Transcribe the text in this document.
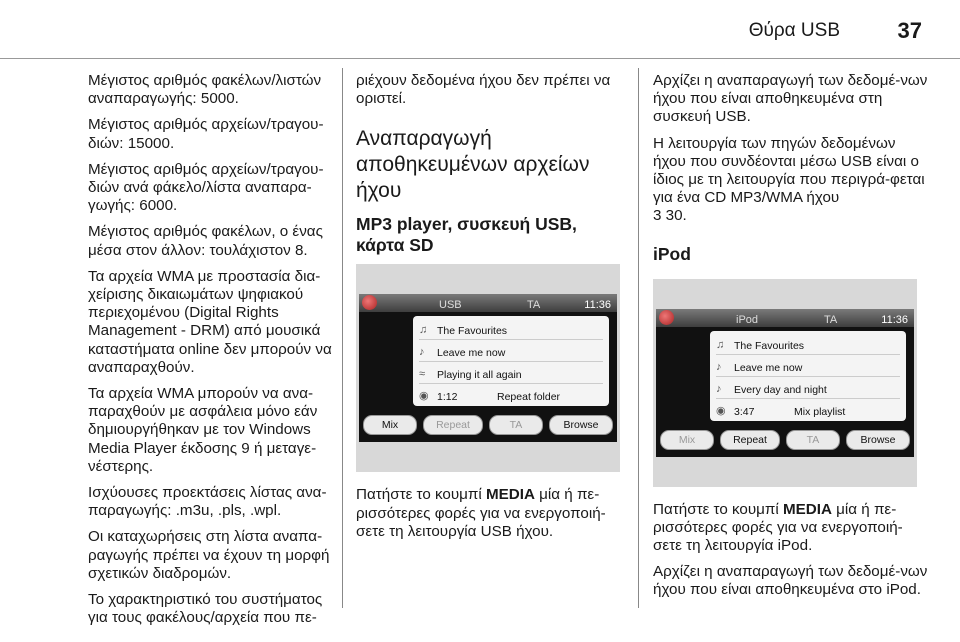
Θύρα USB	37

Μέγιστος αριθμός φακέλων/λιστών αναπαραγωγής: 5000.

Μέγιστος αριθμός αρχείων/τραγου-διών: 15000.

Μέγιστος αριθμός αρχείων/τραγου-διών ανά φάκελο/λίστα αναπαρα-γωγής: 6000.

Μέγιστος αριθμός φακέλων, ο ένας μέσα στον άλλον: τουλάχιστον 8.

Τα αρχεία WMA με προστασία δια-χείρισης δικαιωμάτων ψηφιακού περιεχομένου (Digital Rights Management - DRM) από μουσικά καταστήματα online δεν μπορούν να αναπαραχθούν.

Τα αρχεία WMA μπορούν να ανα-παραχθούν με ασφάλεια μόνο εάν δημιουργήθηκαν με τον Windows Media Player έκδοσης 9 ή μεταγε-νέστερης.

Ισχύουσες προεκτάσεις λίστας ανα-παραγωγής: .m3u, .pls, .wpl.

Οι καταχωρήσεις στη λίστα αναπα-ραγωγής πρέπει να έχουν τη μορφή σχετικών διαδρομών.

Το χαρακτηριστικό του συστήματος για τους φακέλους/αρχεία που πε-

ριέχουν δεδομένα ήχου δεν πρέπει να οριστεί.

Αναπαραγωγή αποθηκευμένων αρχείων ήχου
MP3 player, συσκευή USB, κάρτα SD
USB	TA	11:36
♫ The Favourites
♪	Leave me now
≈	Playing it all again
◉ 1:12	Repeat folder
Mix	Repeat	TA	Browse

Πατήστε το κουμπί MEDIA μία ή πε-ρισσότερες φορές για να ενεργοποιή-σετε τη λειτουργία USB ήχου.

Αρχίζει η αναπαραγωγή των δεδομέ-νων ήχου που είναι αποθηκευμένα στη συσκευή USB.

Η λειτουργία των πηγών δεδομένων ήχου που συνδέονται μέσω USB είναι ο ίδιος με τη λειτουργία που περιγρά-φεται για ένα CD MP3/WMA ήχου
3 30.

iPod
iPod	TA	11:36
♫ The Favourites
♪	Leave me now
♪	Every day and night
◉ 3:47	Mix playlist
Mix	Repeat	TA	Browse

Πατήστε το κουμπί MEDIA μία ή πε-ρισσότερες φορές για να ενεργοποιή-σετε τη λειτουργία iPod.

Αρχίζει η αναπαραγωγή των δεδομέ-νων ήχου που είναι αποθηκευμένα στο iPod.
